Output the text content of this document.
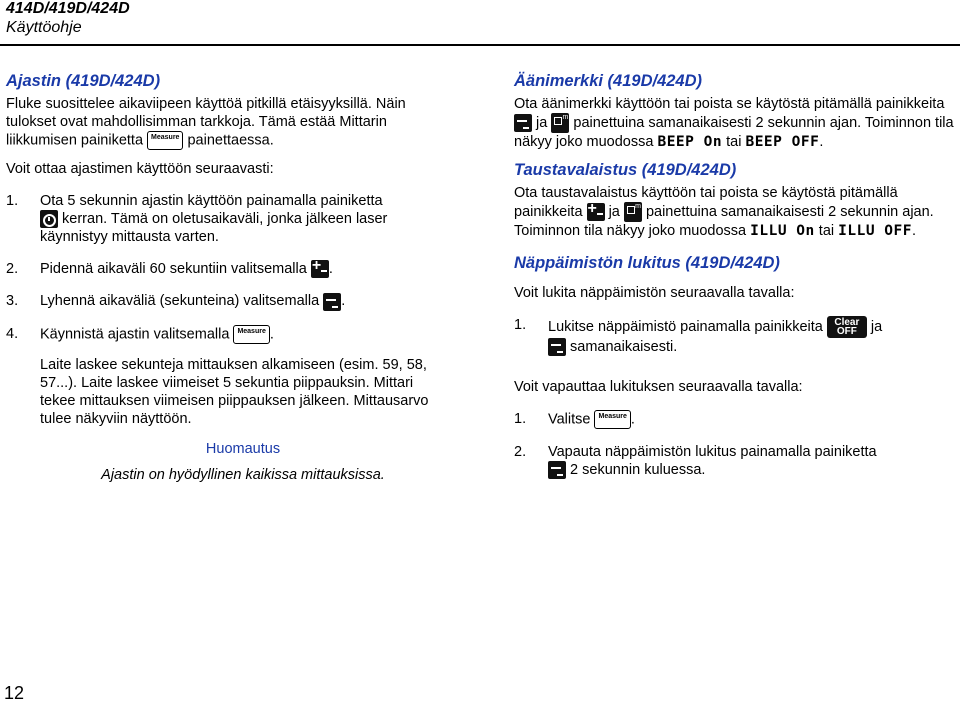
414D/419D/424D
Käyttöohje
Ajastin (419D/424D)

Fluke suosittelee aikaviipeen käyttöä pitkillä etäisyyksillä. Näin tulokset ovat mahdollisimman tarkkoja. Tämä estää Mittarin liikkumisen painiketta Measure painettaessa.

Voit ottaa ajastimen käyttöön seuraavasti:

1.	Ota 5 sekunnin ajastin käyttöön painamalla painiketta
kerran. Tämä on oletusaikaväli, jonka jälkeen laser käynnistyy mittausta varten.
2.	Pidennä aikaväli 60 sekuntiin valitsemalla + .
3.	Lyhennä aikaväliä (sekunteina) valitsemalla .
4.	Käynnistä ajastin valitsemalla Measure .

Laite laskee sekunteja mittauksen alkamiseen (esim. 59, 58, 57...). Laite laskee viimeiset 5 sekuntia piippauksin. Mittari tekee mittauksen viimeisen piippauksen jälkeen. Mittausarvo tulee näkyviin näyttöön.

Huomautus

Ajastin on hyödyllinen kaikissa mittauksissa.

Äänimerkki (419D/424D)

Ota äänimerkki käyttöön tai poista se käytöstä pitämällä painikkeita  ja m painettuina samanaikaisesti 2 sekunnin ajan. Toiminnon tila näkyy joko muodossa BEEP On tai BEEP OFF.

Taustavalaistus (419D/424D)

Ota taustavalaistus käyttöön tai poista se käytöstä pitämällä painikkeita + ja m painettuina samanaikaisesti 2 sekunnin ajan. Toiminnon tila näkyy joko muodossa ILLU On tai ILLU OFF.

Näppäimistön lukitus (419D/424D)

Voit lukita näppäimistön seuraavalla tavalla:

1.	Lukitse näppäimistö painamalla painikkeita Clear
OFF ja
samanaikaisesti.

Voit vapauttaa lukituksen seuraavalla tavalla:

1.	Valitse Measure .
2.	Vapauta näppäimistön lukitus painamalla painiketta
2 sekunnin kuluessa.
12
